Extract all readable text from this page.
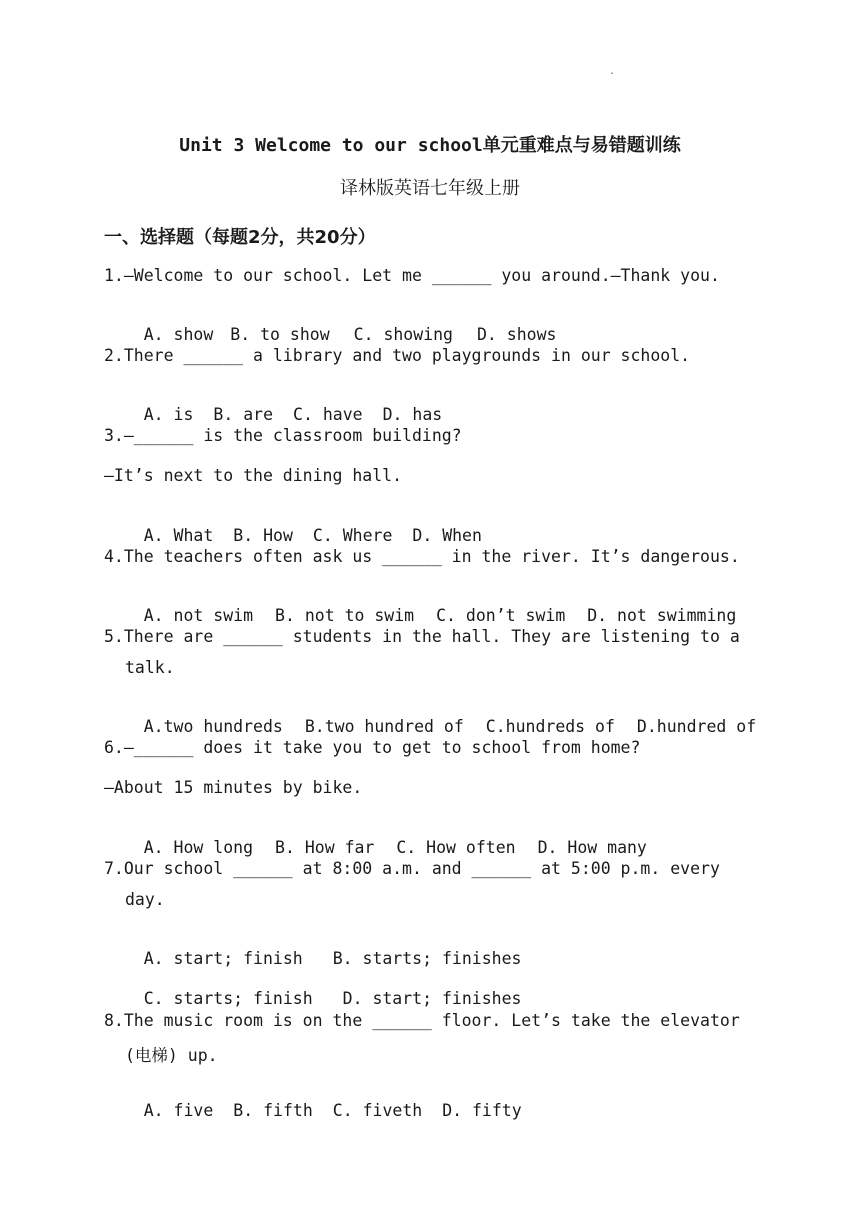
.
Unit 3 Welcome to our school单元重难点与易错题训练
译林版英语七年级上册
一、选择题（每题2分，共20分）
1.—Welcome to our school. Let me ______ you around.—Thank you.

A. show B. to show C. showing D. shows

2.There ______ a library and two playgrounds in our school.

A. is B. are C. have D. has

3.—______ is the classroom building?
—It’s next to the dining hall.

A. What B. How C. Where D. When

4.The teachers often ask us ______ in the river. It’s dangerous.

A. not swim B. not to swim C. don’t swim D. not swimming

5.There are ______ students in the hall. They are listening to a
talk.

A.two hundreds B.two hundred of C.hundreds of D.hundred of

6.—______ does it take you to get to school from home?
—About 15 minutes by bike.

A. How long B. How far C. How often D. How many

7.Our school ______ at 8:00 a.m. and ______ at 5:00 p.m. every
day.

A. start; finish B. starts; finishes

C. starts; finish D. start; finishes

8.The music room is on the ______ floor. Let’s take the elevator
(电梯) up.

A. five B. fifth C. fiveth D. fifty
